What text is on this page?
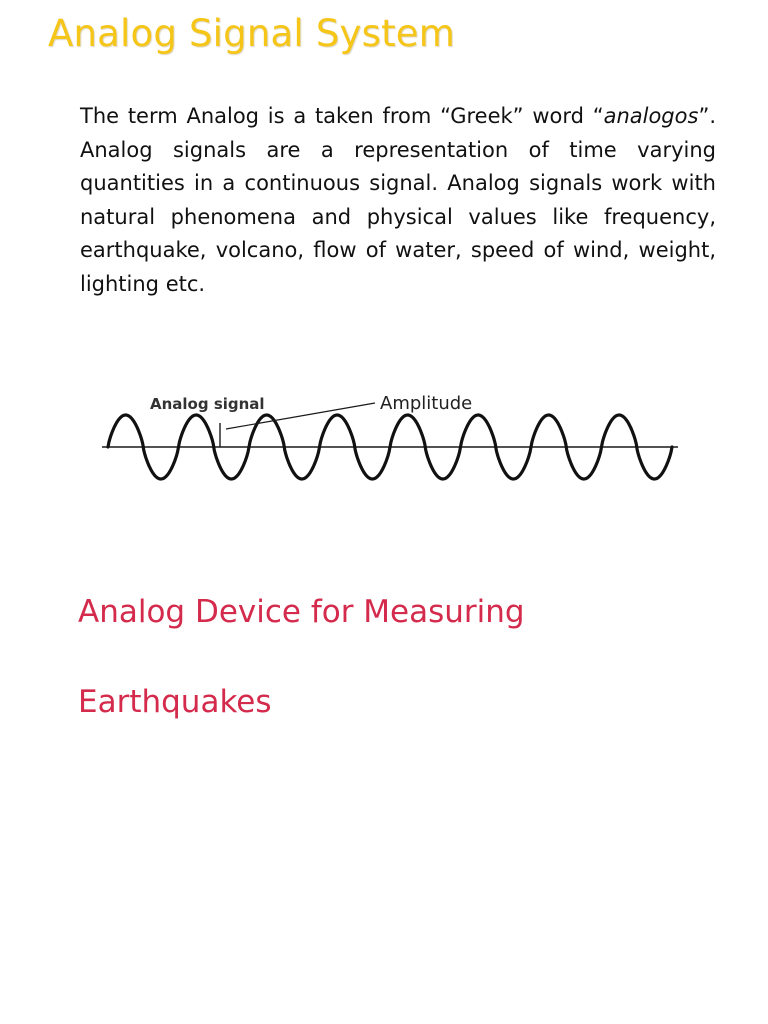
Analog Signal System

The term Analog is a taken from “Greek” word “analogos”. Analog signals are a representation of time varying quantities in a continuous signal. Analog signals work with natural phenomena and physical values like frequency, earthquake, volcano, flow of water, speed of wind, weight, lighting etc.

Analog signal	Amplitude
Analog Device for Measuring
Earthquakes
